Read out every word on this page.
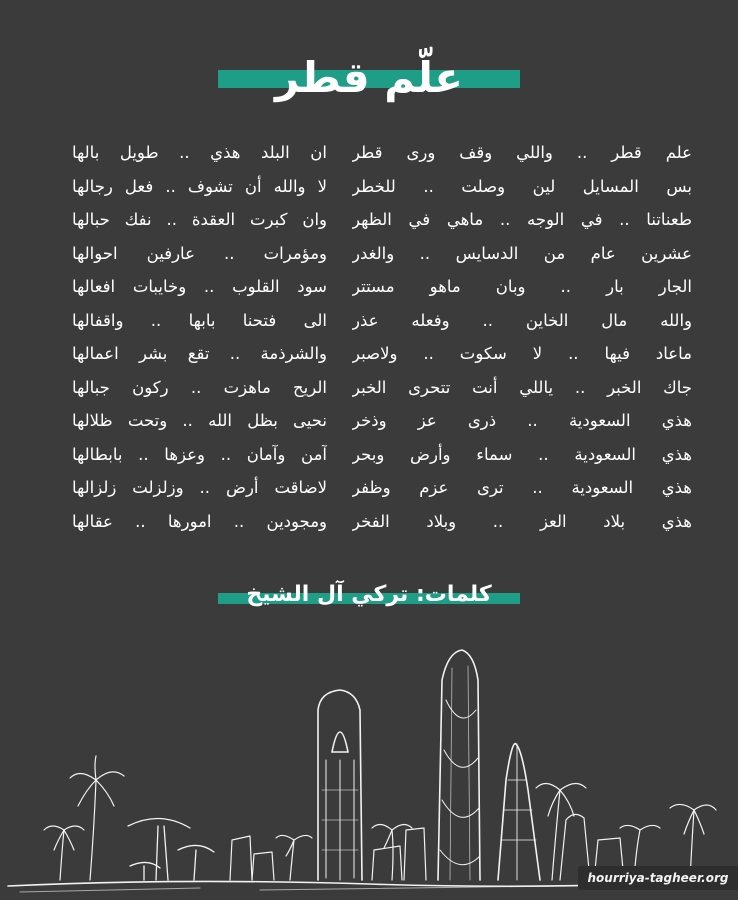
علّم قطر
علم قطر .. واللي وقف ورى قطر
بس المسايل لين وصلت .. للخطر
طعناتنا .. في الوجه .. ماهي في الظهر
عشرين عام من الدسايس .. والغدر
الجار بار .. وبان ماهو مستتر
والله مال الخاين .. وفعله عذر
ماعاد فيها .. لا سكوت .. ولاصبر
جاك الخبر .. ياللي أنت تتحرى الخبر
هذي السعودية .. ذرى عز وذخر
هذي السعودية .. سماء وأرض وبحر
هذي السعودية .. ترى عزم وظفر
هذي بلاد العز .. وبلاد الفخر
ان البلد هذي .. طويل بالها
لا والله أن تشوف .. فعل رجالها
وان كبرت العقدة .. نفك حبالها
ومؤمرات .. عارفين احوالها
سود القلوب .. وخايبات افعالها
الى فتحنا بابها .. واقفالها
والشرذمة .. تقع بشر اعمالها
الريح ماهزت .. ركون جبالها
نحيى بظل الله .. وتحت ظلالها
آمن وآمان .. وعزها .. بابطالها
لاضاقت أرض .. وزلزلت زلزالها
ومجودين .. امورها .. عقالها
كلمات: تركي آل الشيخ
hourriya-tagheer.org
